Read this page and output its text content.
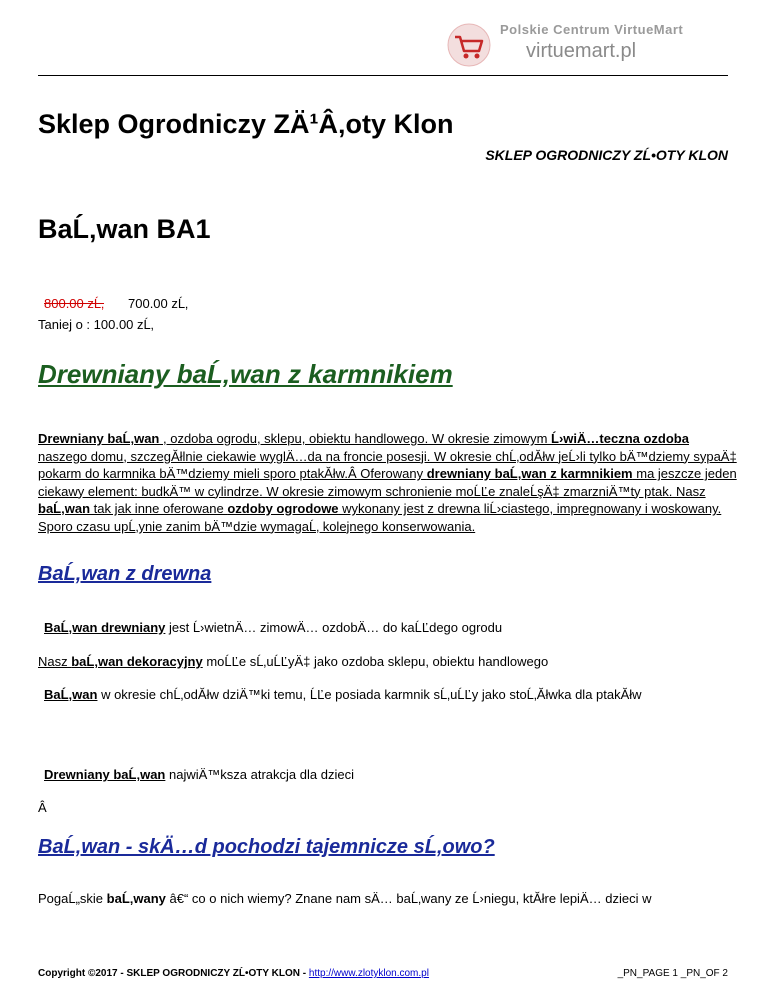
Polskie Centrum VirtueMart
virtuemart.pl
Sklep Ogrodniczy ZÄ¹Â‚oty Klon
SKLEP OGRODNICZY ZĹ•OTY KLON
BaĹ‚wan BA1
800.00 zĹ‚ 700.00 zĹ‚
Taniej o : 100.00 zĹ‚
Drewniany baĹ‚wan z karmnikiem
Drewniany baĹ‚wan , ozdoba ogrodu, sklepu, obiektu handlowego. W okresie zimowym Ĺ›wiÄ…teczna ozdoba naszego domu, szczegĂłlnie ciekawie wyglÄ…da na froncie posesji. W okresie chĹ‚odĂłw jeĹ›li tylko bÄ™dziemy sypaÄ‡ pokarm do karmnika bÄ™dziemy mieli sporo ptakĂłw.Â Oferowany drewniany baĹ‚wan z karmnikiem ma jeszcze jeden ciekawy element: budkÄ™ w cylindrze. W okresie zimowym schronienie moĹĽe znaleĹşÄ‡ zmarzniÄ™ty ptak. Nasz baĹ‚wan tak jak inne oferowane ozdoby ogrodowe wykonany jest z drewna liĹ›ciastego, impregnowany i woskowany. Sporo czasu upĹ‚ynie zanim bÄ™dzie wymagaĹ‚ kolejnego konserwowania.
BaĹ‚wan z drewna
BaĹ‚wan drewniany jest Ĺ›wietnÄ… zimowÄ… ozdobÄ… do kaĹĽdego ogrodu
Nasz baĹ‚wan dekoracyjny moĹĽe sĹ‚uĹĽyÄ‡ jako ozdoba sklepu, obiektu handlowego
BaĹ‚wan w okresie chĹ‚odĂłw dziÄ™ki temu, ĹĽe posiada karmnik sĹ‚uĹĽy jako stoĹ‚Ăłwka dla ptakĂłw
Drewniany baĹ‚wan najwiÄ™ksza atrakcja dla dzieci
Â
BaĹ‚wan - skÄ…d pochodzi tajemnicze sĹ‚owo?
PogaĹ„skie baĹ‚wany â€“ co o nich wiemy? Znane nam sÄ… baĹ‚wany ze Ĺ›niegu, ktĂłre lepiÄ… dzieci w
Copyright ©2017 - SKLEP OGRODNICZY ZĹ•OTY KLON - http://www.zlotyklon.com.pl	_PN_PAGE 1 _PN_OF 2
